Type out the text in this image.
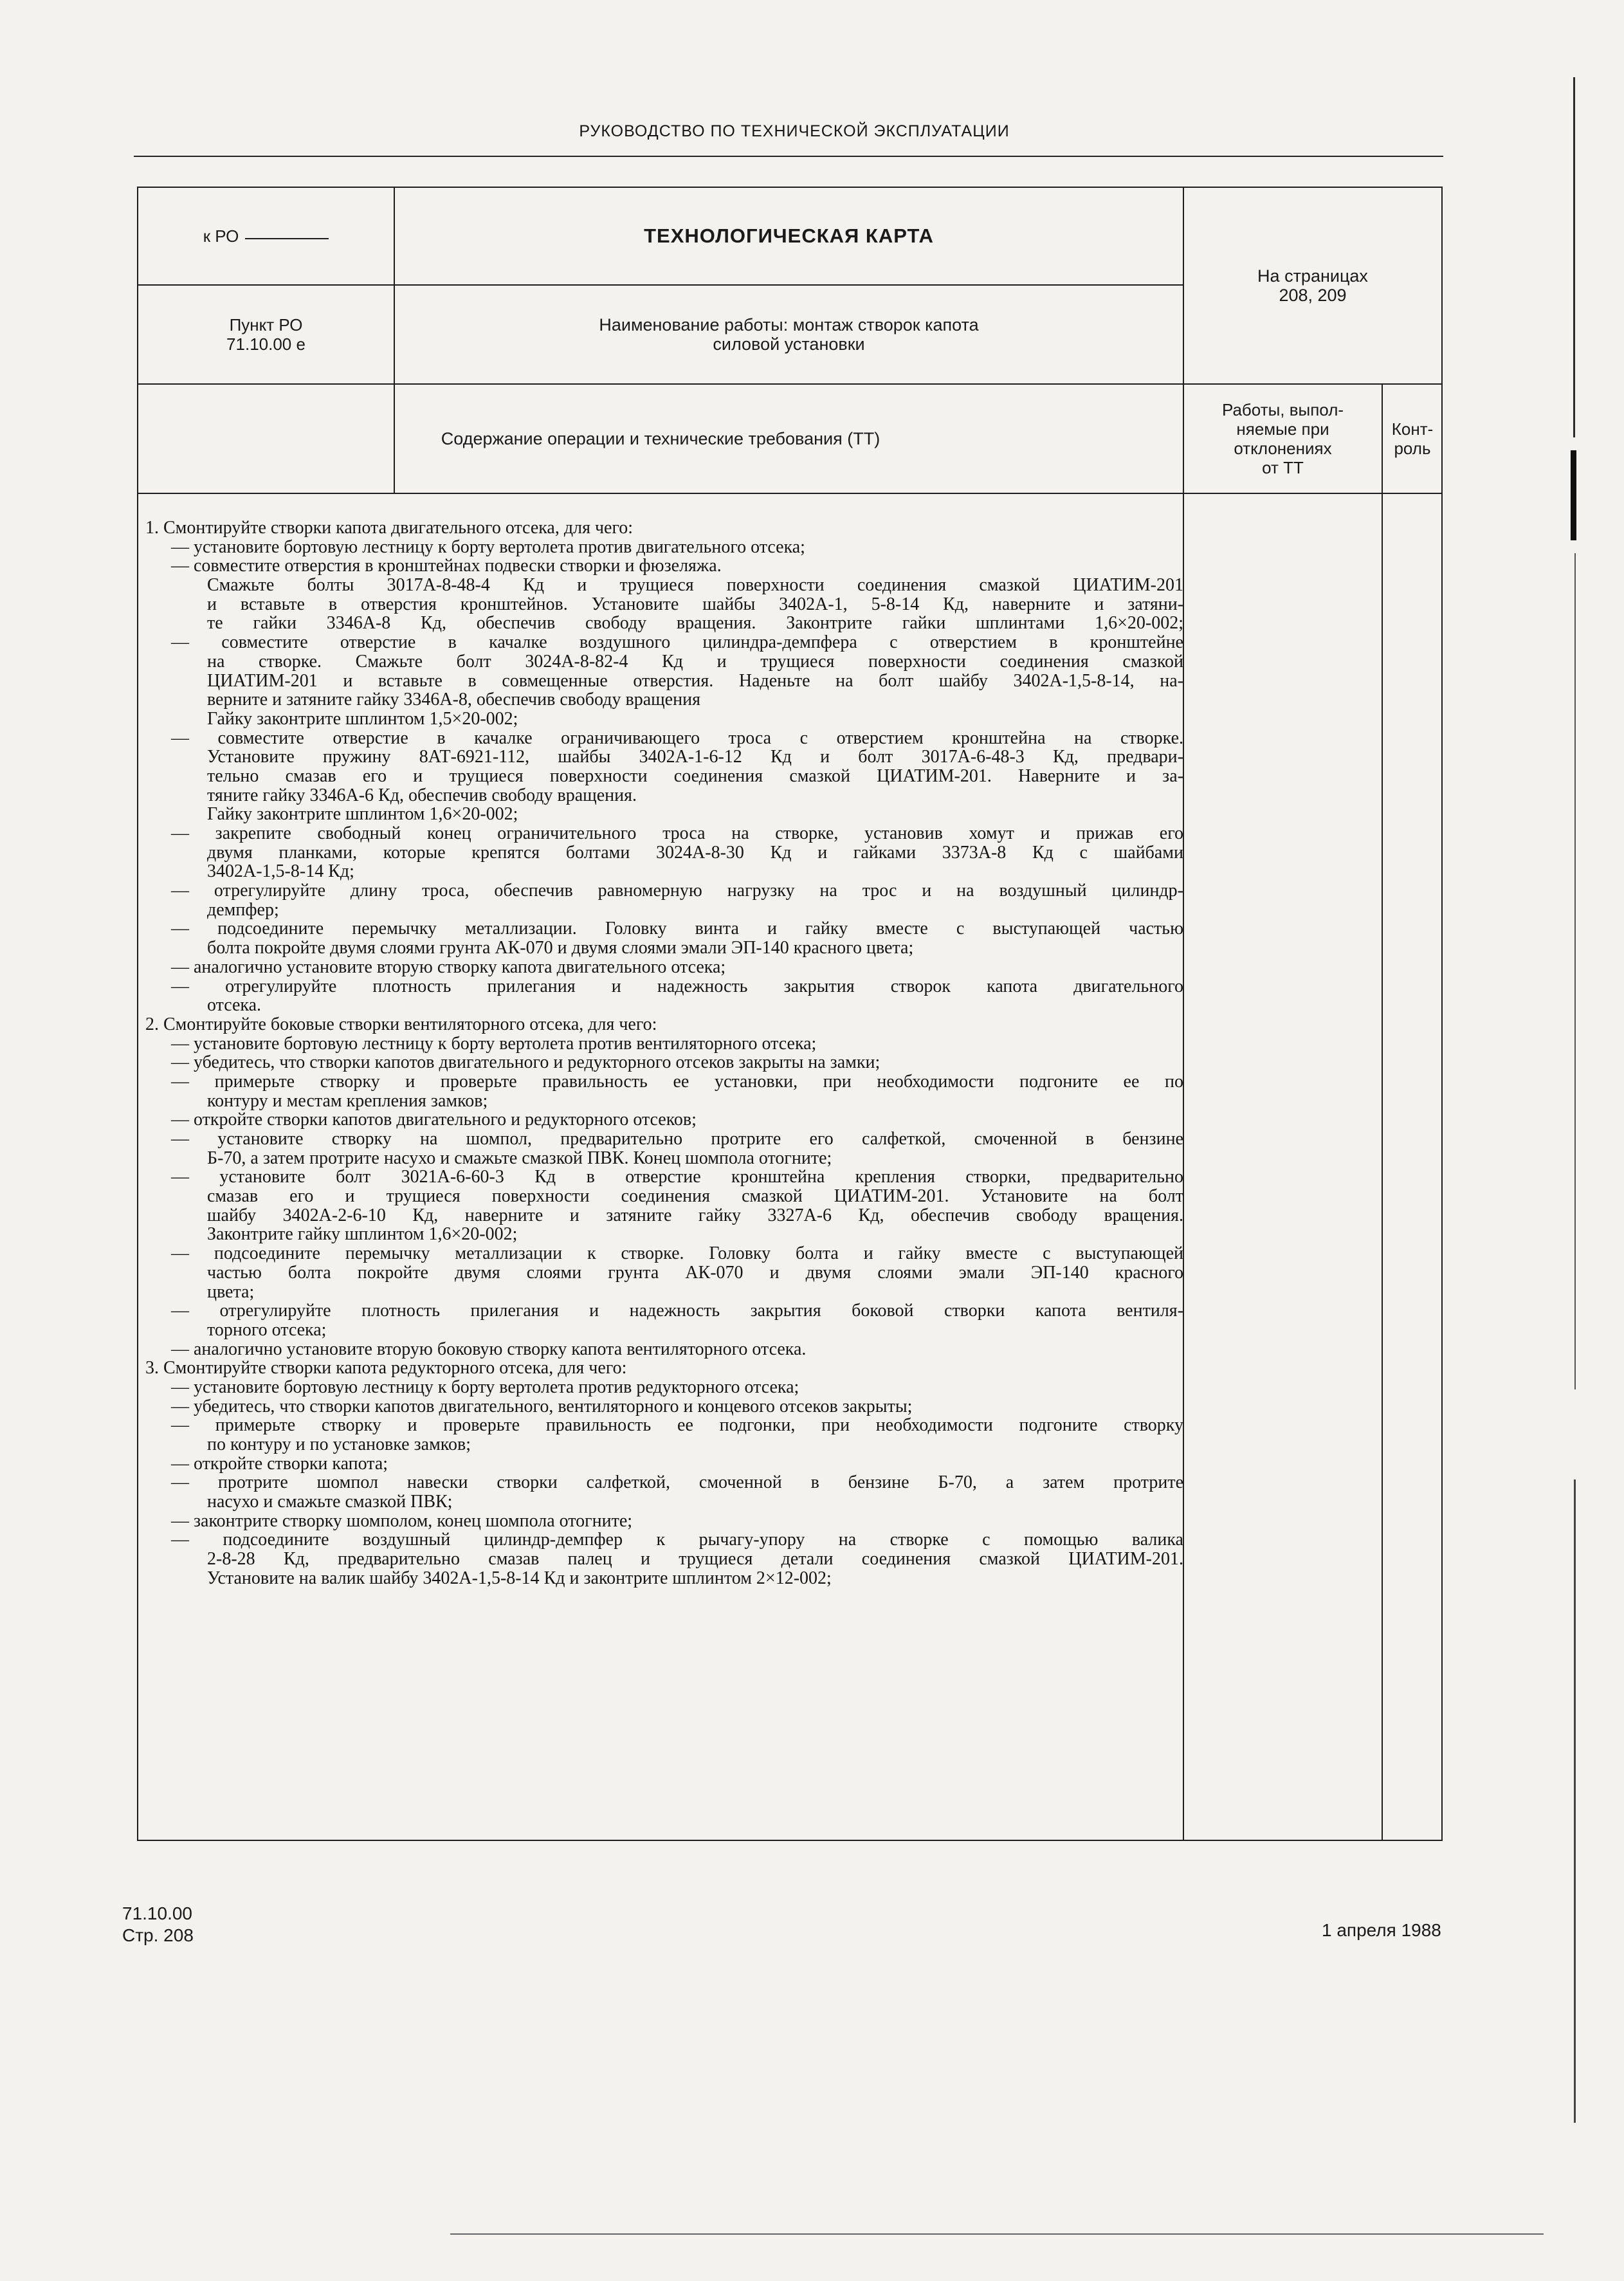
РУКОВОДСТВО ПО ТЕХНИЧЕСКОЙ ЭКСПЛУАТАЦИИ
к РО	ТЕХНОЛОГИЧЕСКАЯ КАРТА
На страницах
208, 209
Пункт РО
71.10.00 е
Наименование работы: монтаж створок капота
силовой установки
Содержание операции и технические требования (ТТ)
Работы, выпол-
няемые при
отклонениях
от ТТ
Конт-
роль
1. Смонтируйте створки капота двигательного отсека, для чего:
— установите бортовую лестницу к борту вертолета против двигательного отсека;
— совместите отверстия в кронштейнах подвески створки и фюзеляжа.
Смажьте болты 3017А-8-48-4 Кд и трущиеся поверхности соединения смазкой ЦИАТИМ-201
и вставьте в отверстия кронштейнов. Установите шайбы 3402А-1, 5-8-14 Кд, наверните и затяни-
те гайки 3346А-8 Кд, обеспечив свободу вращения. Законтрите гайки шплинтами 1,6×20-002;
— совместите отверстие в качалке воздушного цилиндра-демпфера с отверстием в кронштейне
на створке. Смажьте болт 3024А-8-82-4 Кд и трущиеся поверхности соединения смазкой
ЦИАТИМ-201 и вставьте в совмещенные отверстия. Наденьте на болт шайбу 3402А-1,5-8-14, на-
верните и затяните гайку 3346А-8, обеспечив свободу вращения
Гайку законтрите шплинтом 1,5×20-002;
— совместите отверстие в качалке ограничивающего троса с отверстием кронштейна на створке.
Установите пружину 8АТ-6921-112, шайбы 3402А-1-6-12 Кд и болт 3017А-6-48-3 Кд, предвари-
тельно смазав его и трущиеся поверхности соединения смазкой ЦИАТИМ-201. Наверните и за-
тяните гайку 3346А-6 Кд, обеспечив свободу вращения.
Гайку законтрите шплинтом 1,6×20-002;
— закрепите свободный конец ограничительного троса на створке, установив хомут и прижав его
двумя планками, которые крепятся болтами 3024А-8-30 Кд и гайками 3373А-8 Кд с шайбами
3402А-1,5-8-14 Кд;
— отрегулируйте длину троса, обеспечив равномерную нагрузку на трос и на воздушный цилиндр-
демпфер;
— подсоедините перемычку металлизации. Головку винта и гайку вместе с выступающей частью
болта покройте двумя слоями грунта АК-070 и двумя слоями эмали ЭП-140 красного цвета;
— аналогично установите вторую створку капота двигательного отсека;
— отрегулируйте плотность прилегания и надежность закрытия створок капота двигательного
отсека.
2. Смонтируйте боковые створки вентиляторного отсека, для чего:
— установите бортовую лестницу к борту вертолета против вентиляторного отсека;
— убедитесь, что створки капотов двигательного и редукторного отсеков закрыты на замки;
— примерьте створку и проверьте правильность ее установки, при необходимости подгоните ее по
контуру и местам крепления замков;
— откройте створки капотов двигательного и редукторного отсеков;
— установите створку на шомпол, предварительно протрите его салфеткой, смоченной в бензине
Б-70, а затем протрите насухо и смажьте смазкой ПВК. Конец шомпола отогните;
— установите болт 3021А-6-60-3 Кд в отверстие кронштейна крепления створки, предварительно
смазав его и трущиеся поверхности соединения смазкой ЦИАТИМ-201. Установите на болт
шайбу 3402А-2-6-10 Кд, наверните и затяните гайку 3327А-6 Кд, обеспечив свободу вращения.
Законтрите гайку шплинтом 1,6×20-002;
— подсоедините перемычку металлизации к створке. Головку болта и гайку вместе с выступающей
частью болта покройте двумя слоями грунта АК-070 и двумя слоями эмали ЭП-140 красного
цвета;
— отрегулируйте плотность прилегания и надежность закрытия боковой створки капота вентиля-
торного отсека;
— аналогично установите вторую боковую створку капота вентиляторного отсека.
3. Смонтируйте створки капота редукторного отсека, для чего:
— установите бортовую лестницу к борту вертолета против редукторного отсека;
— убедитесь, что створки капотов двигательного, вентиляторного и концевого отсеков закрыты;
— примерьте створку и проверьте правильность ее подгонки, при необходимости подгоните створку
по контуру и по установке замков;
— откройте створки капота;
— протрите шомпол навески створки салфеткой, смоченной в бензине Б-70, а затем протрите
насухо и смажьте смазкой ПВК;
— законтрите створку шомполом, конец шомпола отогните;
— подсоедините воздушный цилиндр-демпфер к рычагу-упору на створке с помощью валика
2-8-28 Кд, предварительно смазав палец и трущиеся детали соединения смазкой ЦИАТИМ-201.
Установите на валик шайбу 3402А-1,5-8-14 Кд и законтрите шплинтом 2×12-002;
71.10.00
Стр. 208	1 апреля 1988
